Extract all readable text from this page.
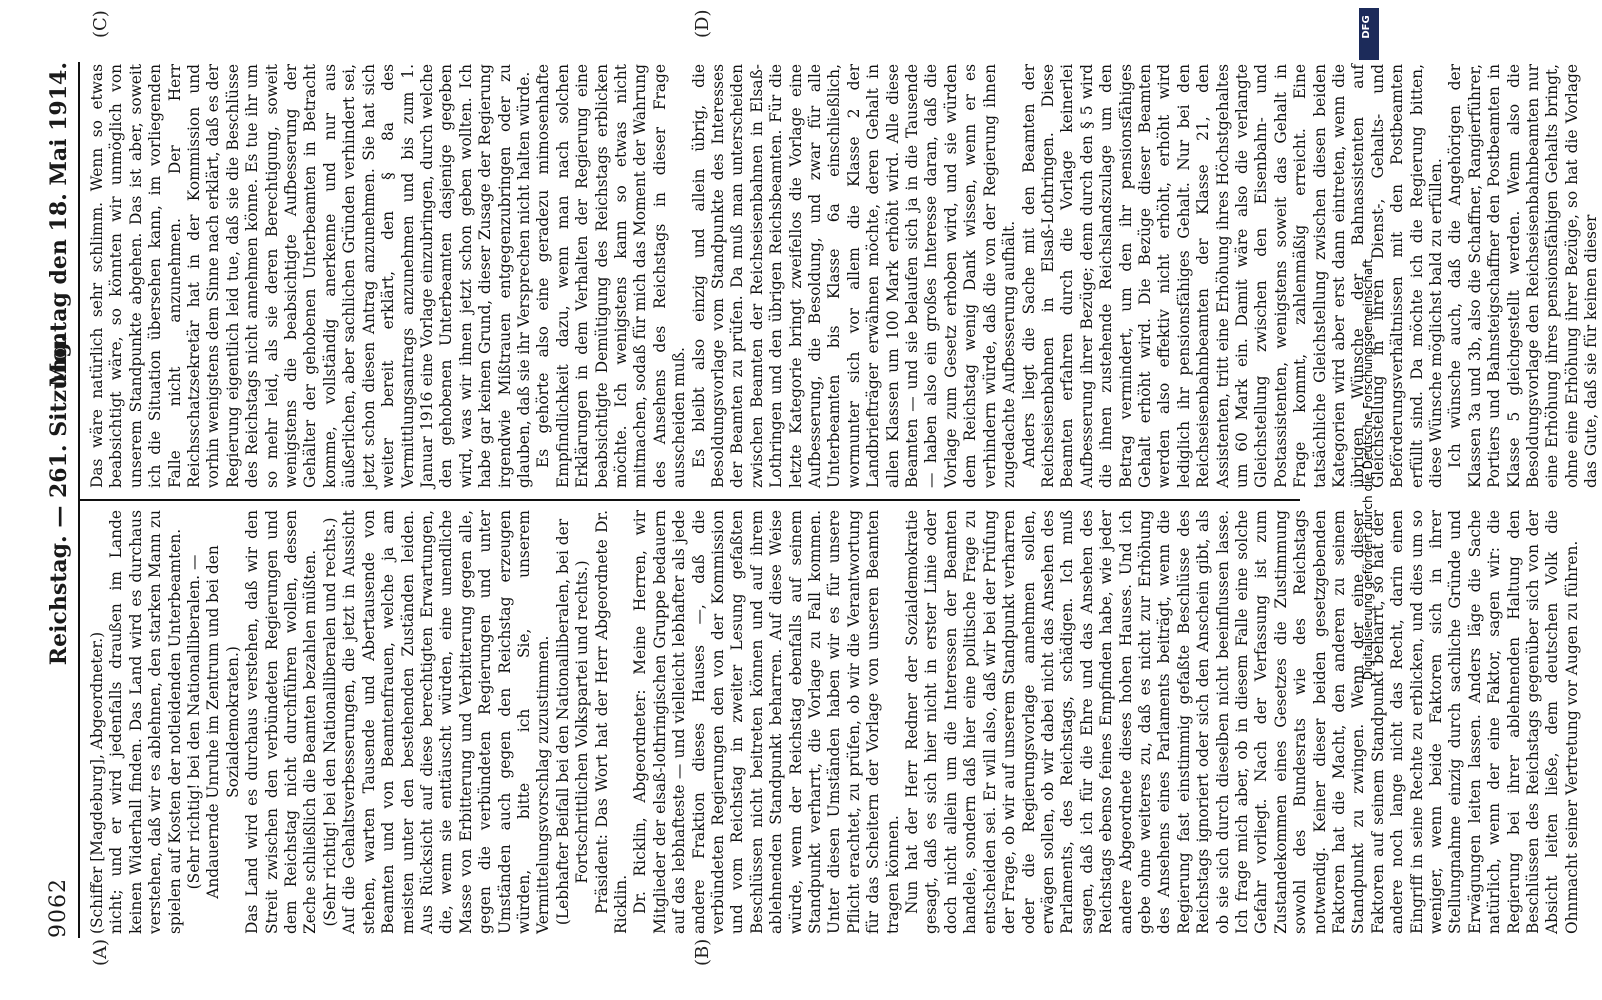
9062
Reichstag. — 261. Sitzung.
Montag den 18. Mai 1914.
(A)	(B)
(C)	(D)

(Schiffer [Magdeburg], Abgeordneter.) nicht; und er wird jedenfalls draußen im Lande keinen Widerhall finden. Das Land wird es durchaus verstehen, daß wir es ablehnen, den starken Mann zu spielen auf Kosten der notleidenden Unterbeamten. (Sehr richtig! bei den Nationalliberalen. — Andauernde Unruhe im Zentrum und bei den Sozialdemokraten.) Das Land wird es durchaus verstehen, daß wir den Streit zwischen den verbündeten Regierungen und dem Reichstag nicht durchführen wollen, dessen Zeche schließlich die Beamten bezahlen müßten. (Sehr richtig! bei den Nationalliberalen und rechts.) Auf die Gehaltsverbesserungen, die jetzt in Aussicht stehen, warten Tausende und Abertausende von Beamten und von Beamtenfrauen, welche ja am meisten unter den bestehenden Zuständen leiden. Aus Rücksicht auf diese berechtigten Erwartungen, die, wenn sie enttäuscht würden, eine unendliche Masse von Erbitterung und Verbitterung gegen alle, gegen die verbündeten Regierungen und unter Umständen auch gegen den Reichstag erzeugen würden, bitte ich Sie, unserem Vermittelungsvorschlag zuzustimmen. (Lebhafter Beifall bei den Nationalliberalen, bei der Fortschrittlichen Volkspartei und rechts.) Präsident: Das Wort hat der Herr Abgeordnete Dr. Ricklin. Dr. Ricklin, Abgeordneter: Meine Herren, wir Mitglieder der elsaß-lothringischen Gruppe bedauern auf das lebhafteste — und vielleicht lebhafter als jede andere Fraktion dieses Hauses —, daß die verbündeten Regierungen den von der Kommission und vom Reichstag in zweiter Lesung gefaßten Beschlüssen nicht beitreten können und auf ihrem ablehnenden Standpunkt beharren. Auf diese Weise würde, wenn der Reichstag ebenfalls auf seinem Standpunkt verharrt, die Vorlage zu Fall kommen. Unter diesen Umständen haben wir es für unsere Pflicht erachtet, zu prüfen, ob wir die Verantwortung für das Scheitern der Vorlage von unseren Beamten tragen können. Nun hat der Herr Redner der Sozialdemokratie gesagt, daß es sich hier nicht in erster Linie oder doch nicht allein um die Interessen der Beamten handele, sondern daß hier eine politische Frage zu entscheiden sei. Er will also, daß wir bei der Prüfung der Frage, ob wir auf unserem Standpunkt verharren oder die Regierungsvorlage annehmen sollen, erwägen sollen, ob wir dabei nicht das Ansehen des Parlaments, des Reichstags, schädigen. Ich muß sagen, daß ich für die Ehre und das Ansehen des Reichstags ebenso feines Empfinden habe, wie jeder andere Abgeordnete dieses hohen Hauses. Und ich gebe ohne weiteres zu, daß es nicht zur Erhöhung des Ansehens eines Parlaments beiträgt, wenn die Regierung fast einstimmig gefaßte Beschlüsse des Reichstags ignoriert oder sich den Anschein gibt, als ob sie sich durch dieselben nicht beeinflussen lasse. Ich frage mich aber, ob in diesem Falle eine solche Gefahr vorliegt. Nach der Verfassung ist zum Zustandekommen eines Gesetzes die Zustimmung sowohl des Bundesrats wie des Reichstags notwendig. Keiner dieser beiden gesetzgebenden Faktoren hat die Macht, den anderen zu seinem Standpunkt zu zwingen. Wenn der eine dieser Faktoren auf seinem Standpunkt beharrt, so hat der andere noch lange nicht das Recht, darin einen Eingriff in seine Rechte zu erblicken, und dies um so weniger, wenn beide Faktoren sich in ihrer Stellungnahme einzig durch sachliche Gründe und Erwägungen leiten lassen. Anders läge die Sache natürlich, wenn der eine Faktor, sagen wir: die Regierung bei ihrer ablehnenden Haltung den Beschlüssen des Reichstags gegenüber sich von der Absicht leiten ließe, dem deutschen Volk die Ohnmacht seiner Vertretung vor Augen zu führen.

Das wäre natürlich sehr schlimm. Wenn so etwas beabsichtigt wäre, so könnten wir unmöglich von unserem Standpunkte abgehen. Das ist aber, soweit ich die Situation übersehen kann, im vorliegenden Falle nicht anzunehmen. Der Herr Reichsschatzsekretär hat in der Kommission und vorhin wenigstens dem Sinne nach erklärt, daß es der Regierung eigentlich leid tue, daß sie die Beschlüsse des Reichstags nicht annehmen könne. Es tue ihr um so mehr leid, als sie deren Berechtigung, soweit wenigstens die beabsichtigte Aufbesserung der Gehälter der gehobenen Unterbeamten in Betracht komme, vollständig anerkenne und nur aus äußerlichen, aber sachlichen Gründen verhindert sei, jetzt schon diesen Antrag anzunehmen. Sie hat sich weiter bereit erklärt, den § 8a des Vermittlungsantrags anzunehmen und bis zum 1. Januar 1916 eine Vorlage einzubringen, durch welche den gehobenen Unterbeamten dasjenige gegeben wird, was wir ihnen jetzt schon geben wollten. Ich habe gar keinen Grund, dieser Zusage der Regierung irgendwie Mißtrauen entgegenzubringen oder zu glauben, daß sie ihr Versprechen nicht halten würde. Es gehörte also eine geradezu mimosenhafte Empfindlichkeit dazu, wenn man nach solchen Erklärungen in dem Verhalten der Regierung eine beabsichtigte Demütigung des Reichstags erblicken möchte. Ich wenigstens kann so etwas nicht mitmachen, sodaß für mich das Moment der Wahrung des Ansehens des Reichstags in dieser Frage ausscheiden muß. Es bleibt also einzig und allein übrig, die Besoldungsvorlage vom Standpunkte des Interesses der Beamten zu prüfen. Da muß man unterscheiden zwischen Beamten der Reichseisenbahnen in Elsaß-Lothringen und den übrigen Reichsbeamten. Für die letzte Kategorie bringt zweifellos die Vorlage eine Aufbesserung, die Besoldung, und zwar für alle Unterbeamten bis Klasse 6a einschließlich, wormunter sich vor allem die Klasse 2 der Landbriefträger erwähnen möchte, deren Gehalt in allen Klassen um 100 Mark erhöht wird. Alle diese Beamten — und sie belaufen sich ja in die Tausende — haben also ein großes Interesse daran, daß die Vorlage zum Gesetz erhoben wird, und sie würden dem Reichstag wenig Dank wissen, wenn er es verhindern würde, daß die von der Regierung ihnen zugedachte Aufbesserung aufhält. Anders liegt die Sache mit den Beamten der Reichseisenbahnen in Elsaß-Lothringen. Diese Beamten erfahren durch die Vorlage keinerlei Aufbesserung ihrer Bezüge; denn durch den § 5 wird die ihnen zustehende Reichslandszulage um den Betrag vermindert, um den ihr pensionsfähiges Gehalt erhöht wird. Die Bezüge dieser Beamten werden also effektiv nicht erhöht, erhöht wird lediglich ihr pensionsfähiges Gehalt. Nur bei den Reichseisenbahnbeamten der Klasse 21, den Assistenten, tritt eine Erhöhung ihres Höchstgehaltes um 60 Mark ein. Damit wäre also die verlangte Gleichstellung zwischen den Eisenbahn- und Postassistenten, wenigstens soweit das Gehalt in Frage kommt, zahlenmäßig erreicht. Eine tatsächliche Gleichstellung zwischen diesen beiden Kategorien wird aber erst dann eintreten, wenn die übrigen Wünsche der Bahnassistenten auf Gleichstellung in ihren Dienst-, Gehalts- und Beförderungsverhältnissen mit den Postbeamten erfüllt sind. Da möchte ich die Regierung bitten, diese Wünsche möglichst bald zu erfüllen. Ich wünsche auch, daß die Angehörigen der Klassen 3a und 3b, also die Schaffner, Rangierführer, Portiers und Bahnsteigschaffner den Postbeamten in Klasse 5 gleichgestellt werden. Wenn also die Besoldungsvorlage den Reichseisenbahnbeamten nur eine Erhöhung ihres pensionsfähigen Gehalts bringt, ohne eine Erhöhung ihrer Bezüge, so hat die Vorlage das Gute, daß sie für keinen dieser

DFG
Digitalisierung gefördert durch die Deutsche Forschungsgemeinschaft
